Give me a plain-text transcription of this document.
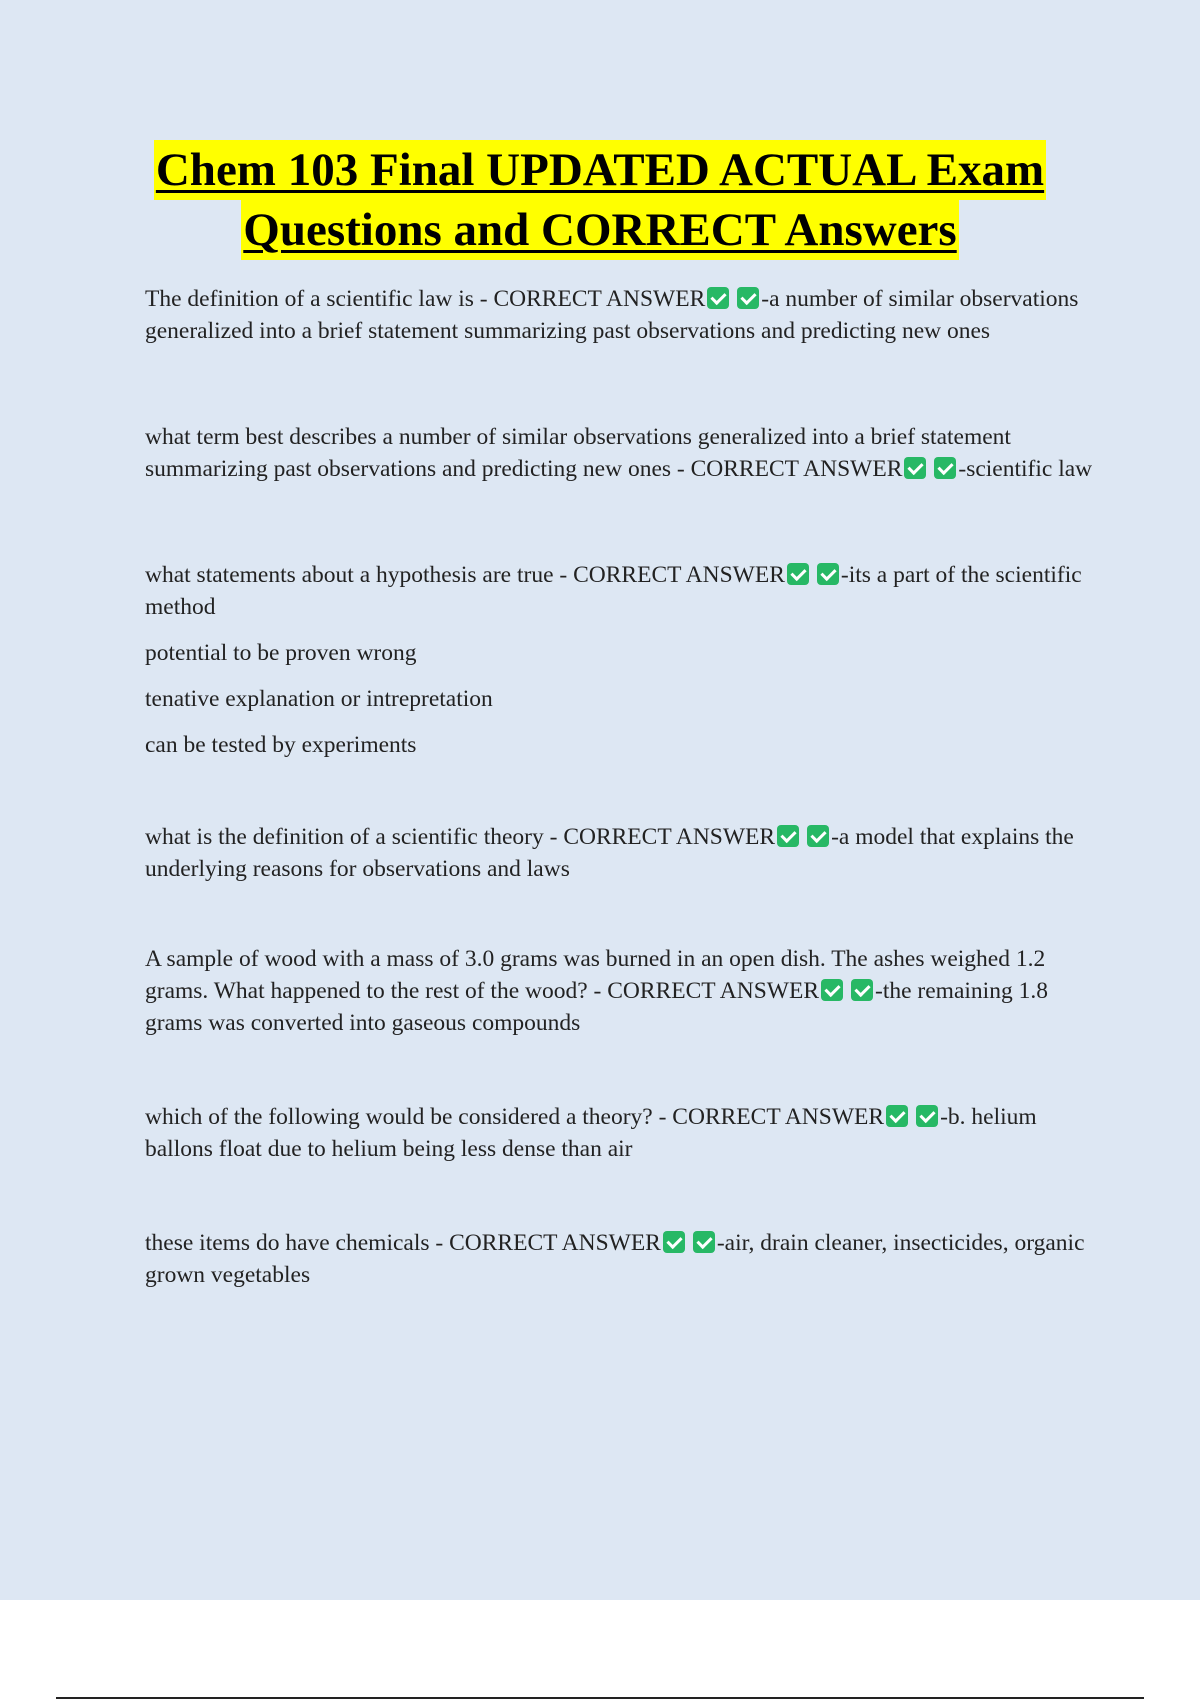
Chem 103 Final UPDATED ACTUAL Exam
Questions and CORRECT Answers

The definition of a scientific law is - CORRECT ANSWER -a number of similar observations generalized into a brief statement summarizing past observations and predicting new ones

what term best describes a number of similar observations generalized into a brief statement summarizing past observations and predicting new ones - CORRECT ANSWER -scientific law

what statements about a hypothesis are true - CORRECT ANSWER -its a part of the scientific method
potential to be proven wrong
tenative explanation or intrepretation
can be tested by experiments

what is the definition of a scientific theory - CORRECT ANSWER -a model that explains the underlying reasons for observations and laws

A sample of wood with a mass of 3.0 grams was burned in an open dish. The ashes weighed 1.2 grams. What happened to the rest of the wood? - CORRECT ANSWER -the remaining 1.8 grams was converted into gaseous compounds

which of the following would be considered a theory? - CORRECT ANSWER -b. helium ballons float due to helium being less dense than air

these items do have chemicals - CORRECT ANSWER -air, drain cleaner, insecticides, organic grown vegetables
